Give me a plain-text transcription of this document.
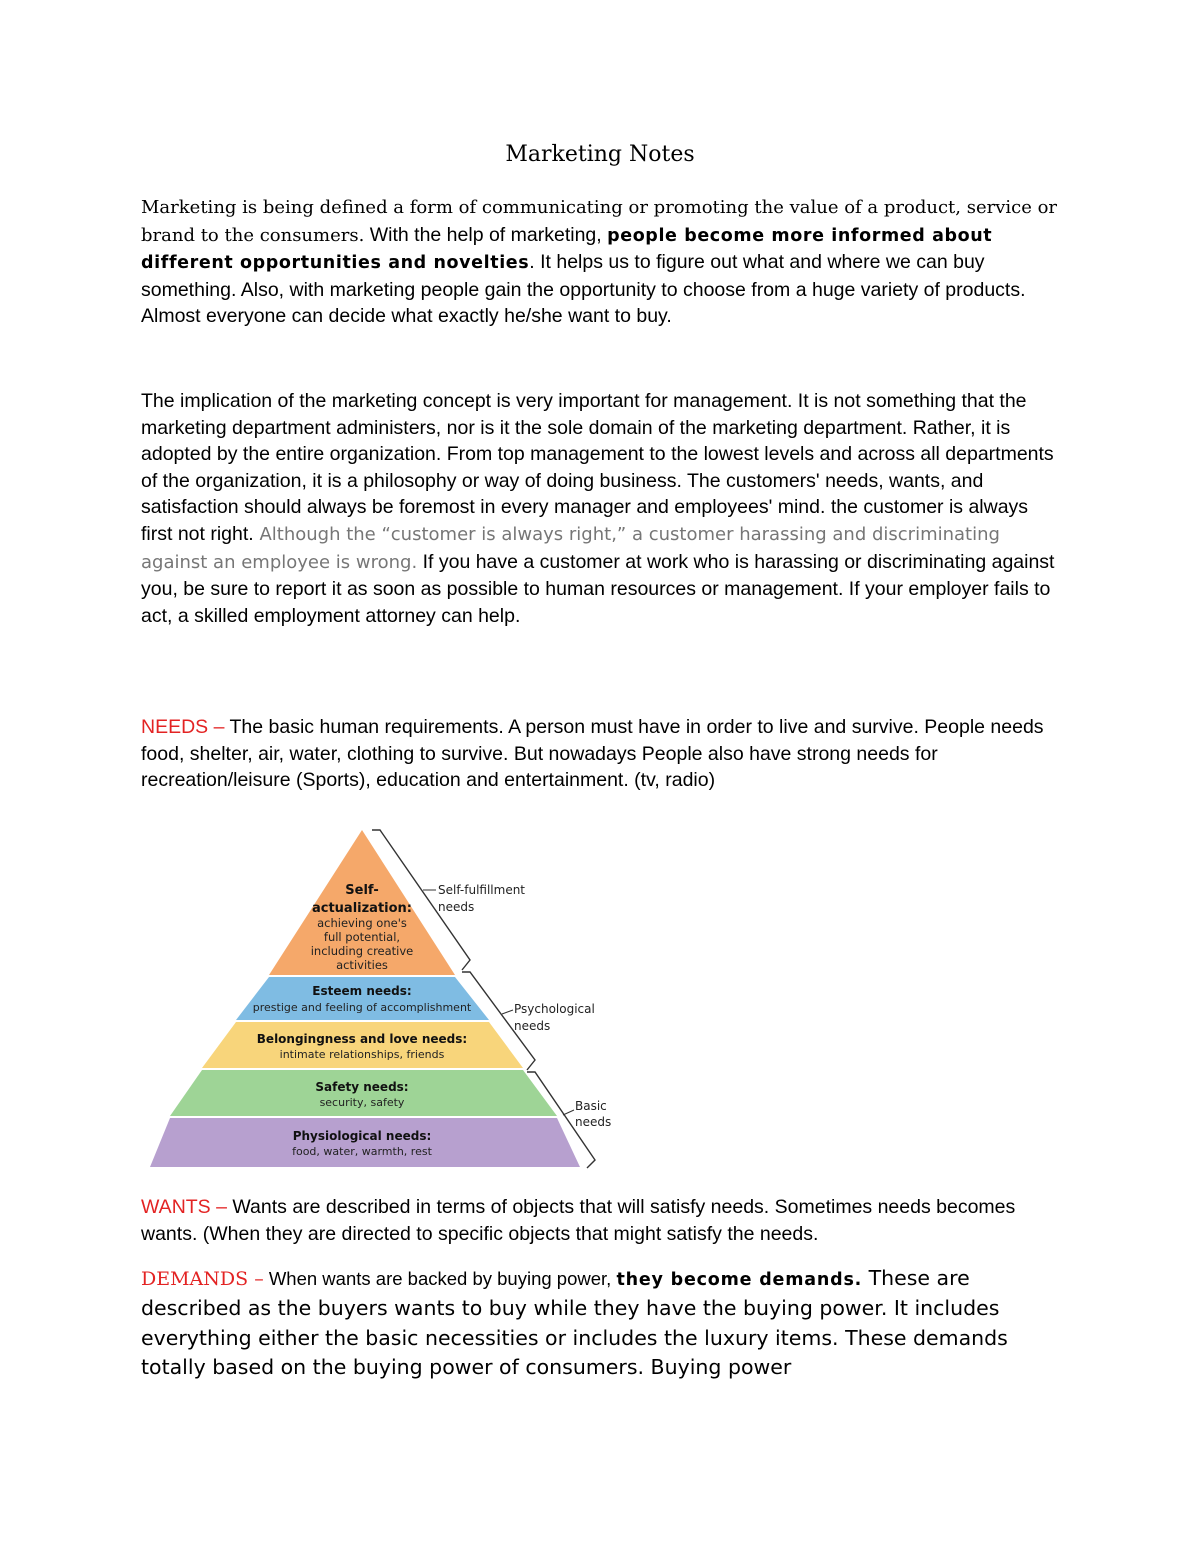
Marketing Notes

Marketing is being defined a form of communicating or promoting the value of a product, service or brand to the consumers. With the help of marketing, people become more informed about different opportunities and novelties. It helps us to figure out what and where we can buy something. Also, with marketing people gain the opportunity to choose from a huge variety of products. Almost everyone can decide what exactly he/she want to buy.

The implication of the marketing concept is very important for management. It is not something that the marketing department administers, nor is it the sole domain of the marketing department. Rather, it is adopted by the entire organization. From top management to the lowest levels and across all departments of the organization, it is a philosophy or way of doing business. The customers' needs, wants, and satisfaction should always be foremost in every manager and employees' mind. the customer is always first not right. Although the “customer is always right,” a customer harassing and discriminating against an employee is wrong. If you have a customer at work who is harassing or discriminating against you, be sure to report it as soon as possible to human resources or management. If your employer fails to act, a skilled employment attorney can help.

NEEDS – The basic human requirements. A person must have in order to live and survive. People needs food, shelter, air, water, clothing to survive. But nowadays People also have strong needs for recreation/leisure (Sports), education and entertainment. (tv, radio)

Self-
actualization:
achieving one's
full potential,
including creative
activities
Esteem needs:
prestige and feeling of accomplishment
Belongingness and love needs:
intimate relationships, friends
Safety needs:
security, safety
Physiological needs:
food, water, warmth, rest
Self-fulfillment
needs
Psychological
needs
Basic
needs

WANTS – Wants are described in terms of objects that will satisfy needs. Sometimes needs becomes wants. (When they are directed to specific objects that might satisfy the needs.

DEMANDS – When wants are backed by buying power, they become demands. These are described as the buyers wants to buy while they have the buying power. It includes everything either the basic necessities or includes the luxury items. These demands totally based on the buying power of consumers. Buying power
